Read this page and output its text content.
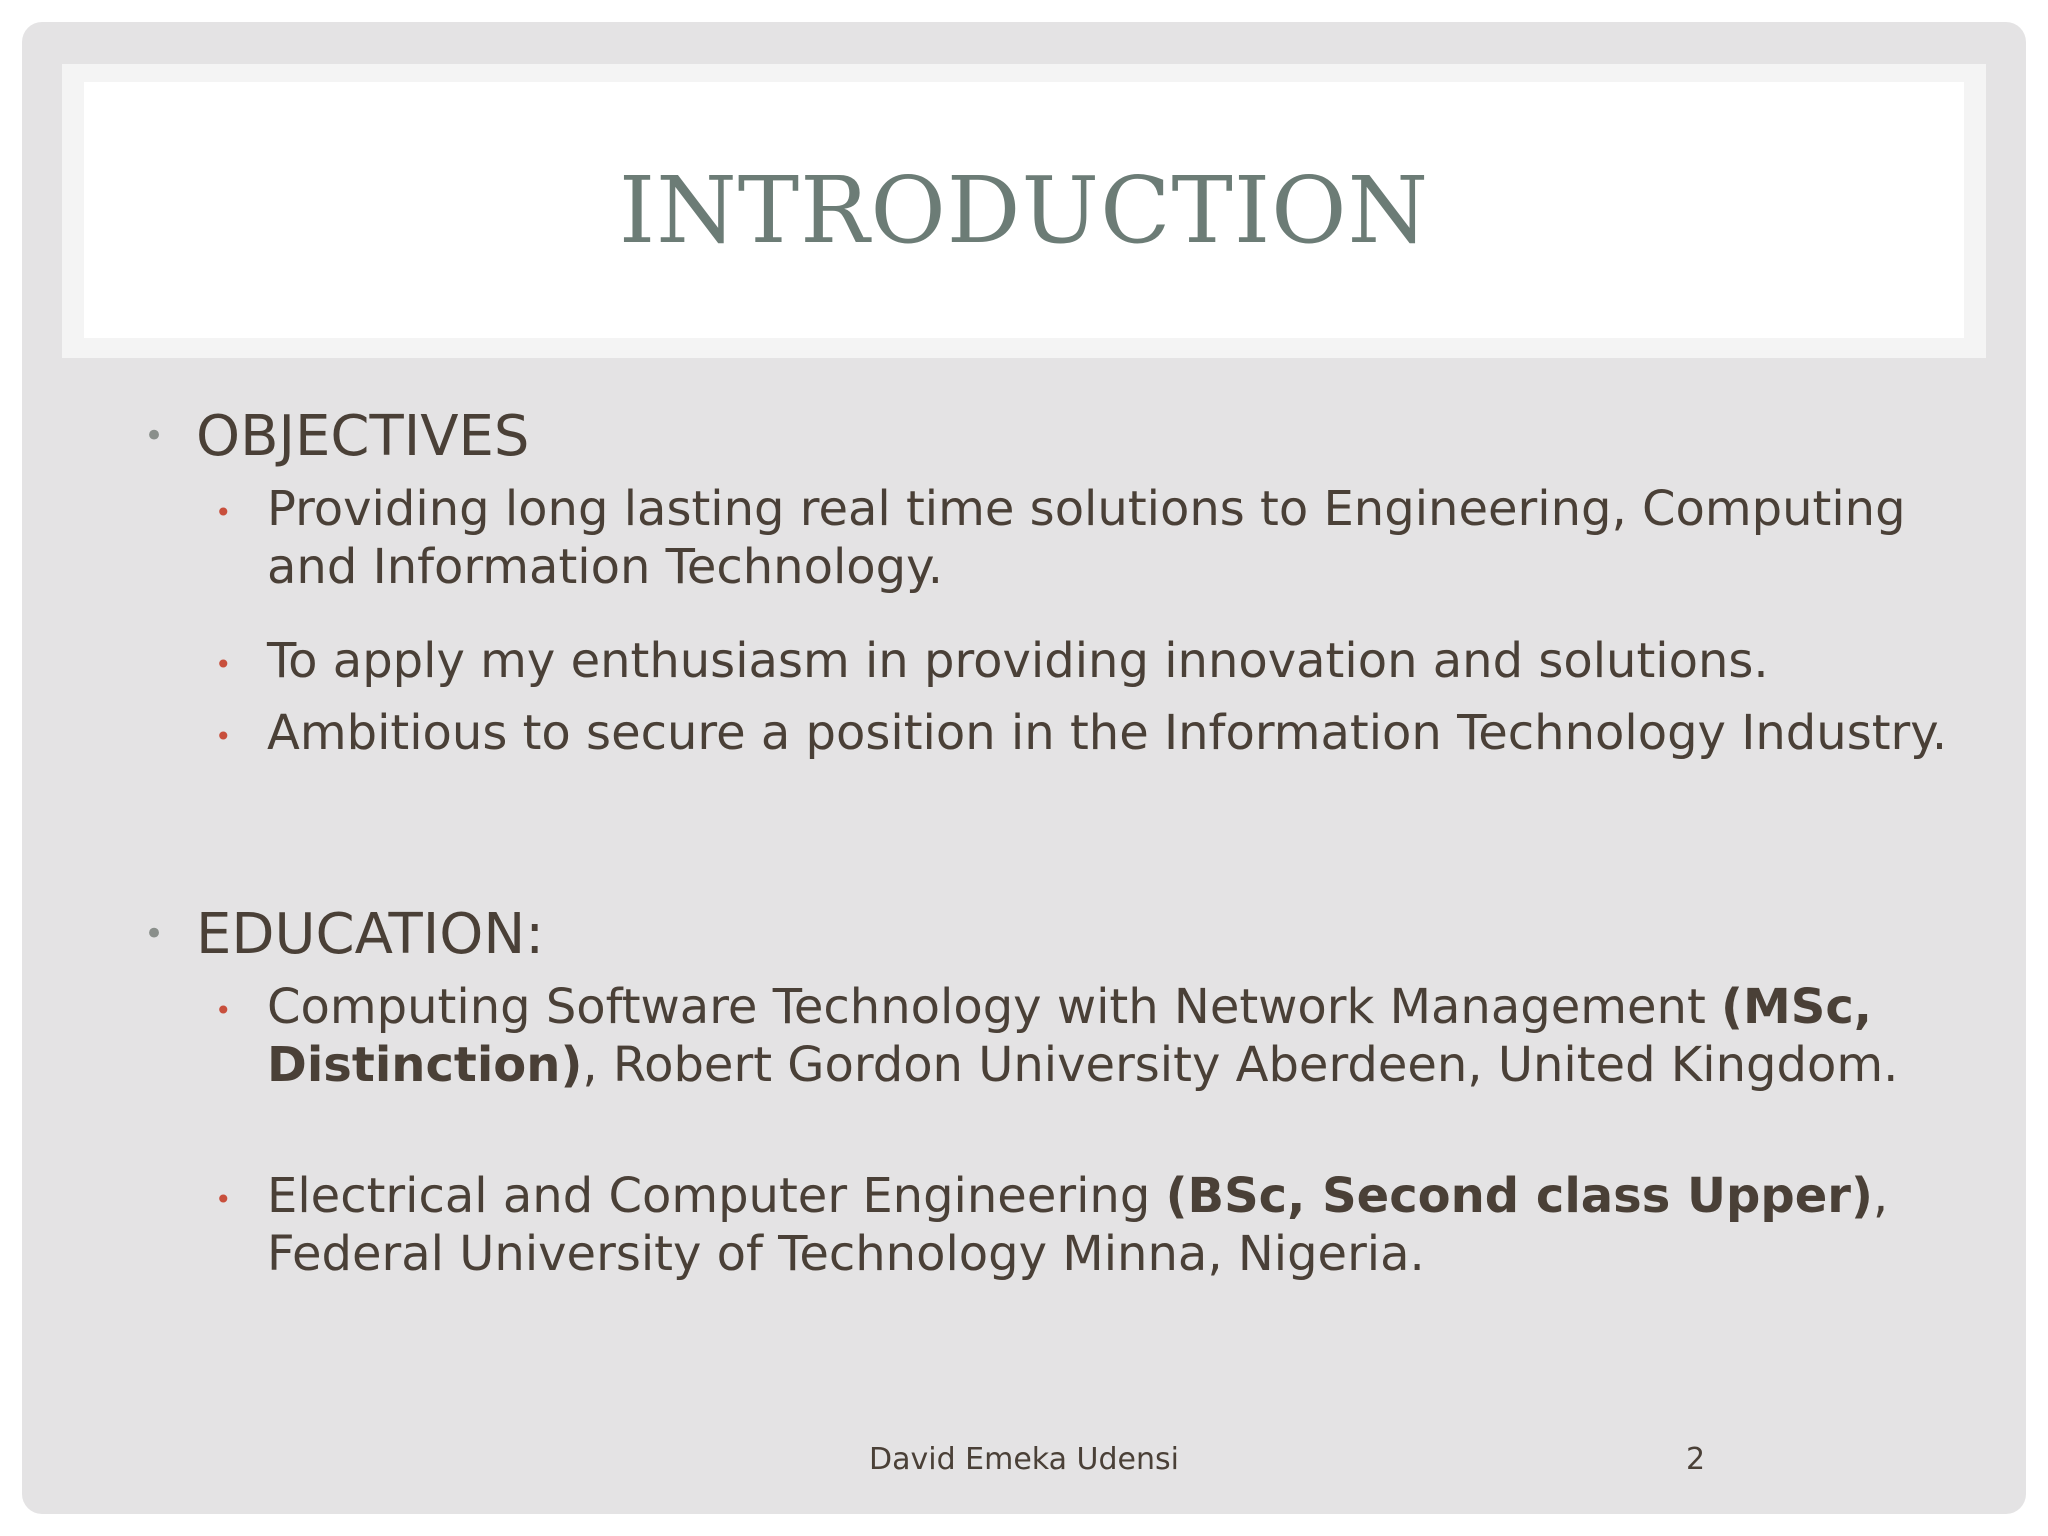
INTRODUCTION
• OBJECTIVES
• Providing long lasting real time solutions to Engineering, Computing and Information Technology.
• To apply my enthusiasm in providing innovation and solutions.
• Ambitious to secure a position in the Information Technology Industry.
• EDUCATION:
• Computing Software Technology with Network Management (MSc, Distinction), Robert Gordon University Aberdeen, United Kingdom.
• Electrical and Computer Engineering (BSc, Second class Upper), Federal University of Technology Minna, Nigeria.
David Emeka Udensi	2
